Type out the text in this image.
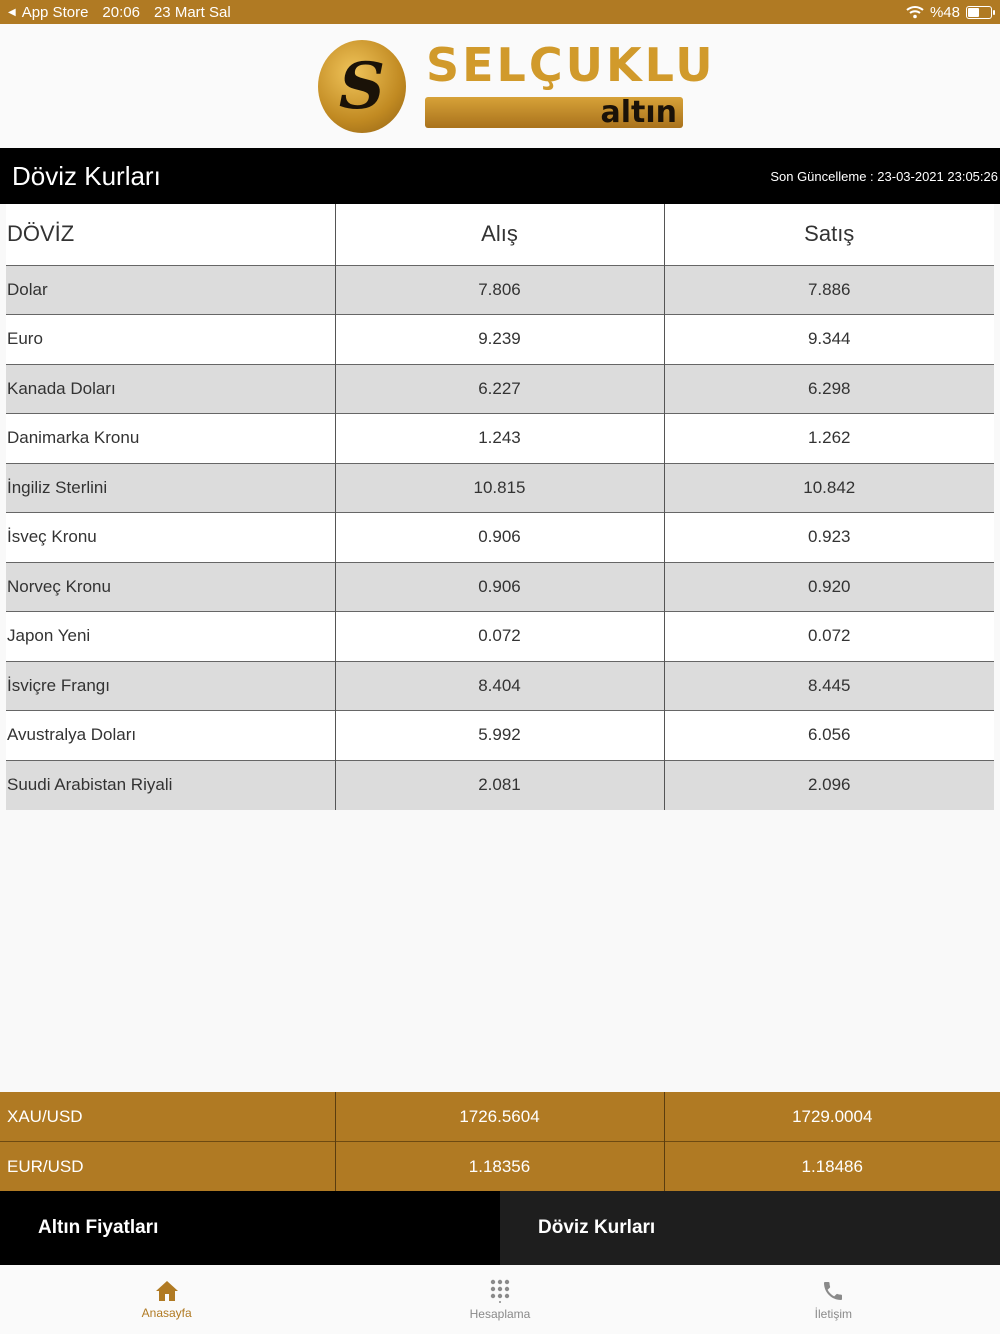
◀ App Store 20:06 23 Mart Sal	%48
S SELÇUKLU
altın
Döviz Kurları	Son Güncelleme : 23-03-2021 23:05:26
DÖVİZ	Alış	Satış
Dolar	7.806	7.886
Euro	9.239	9.344
Kanada Doları	6.227	6.298
Danimarka Kronu	1.243	1.262
İngiliz Sterlini	10.815	10.842
İsveç Kronu	0.906	0.923
Norveç Kronu	0.906	0.920
Japon Yeni	0.072	0.072
İsviçre Frangı	8.404	8.445
Avustralya Doları	5.992	6.056
Suudi Arabistan Riyali	2.081	2.096
XAU/USD	1726.5604	1729.0004
EUR/USD	1.18356	1.18486
Altın Fiyatları	Döviz Kurları
Anasayfa	Hesaplama	İletişim
